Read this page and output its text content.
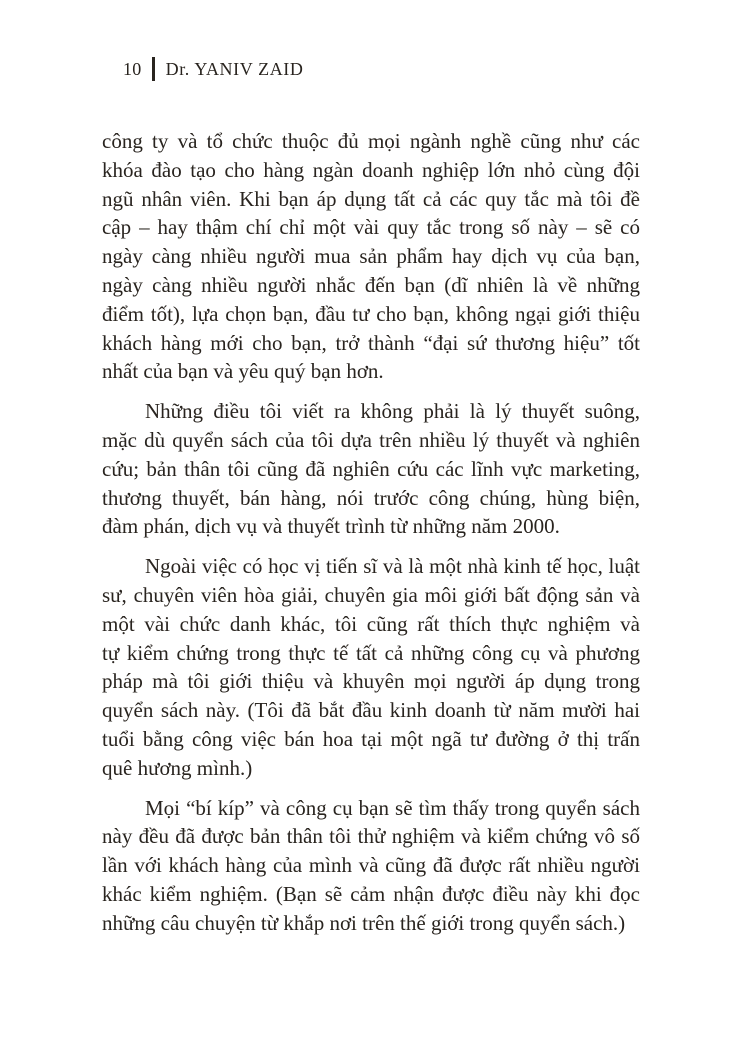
10 Dr. YANIV ZAID

công ty và tổ chức thuộc đủ mọi ngành nghề cũng như các
khóa đào tạo cho hàng ngàn doanh nghiệp lớn nhỏ cùng đội
ngũ nhân viên. Khi bạn áp dụng tất cả các quy tắc mà tôi đề
cập – hay thậm chí chỉ một vài quy tắc trong số này – sẽ có
ngày càng nhiều người mua sản phẩm hay dịch vụ của bạn,
ngày càng nhiều người nhắc đến bạn (dĩ nhiên là về những
điểm tốt), lựa chọn bạn, đầu tư cho bạn, không ngại giới thiệu
khách hàng mới cho bạn, trở thành “đại sứ thương hiệu” tốt
nhất của bạn và yêu quý bạn hơn.

Những điều tôi viết ra không phải là lý thuyết suông,
mặc dù quyển sách của tôi dựa trên nhiều lý thuyết và nghiên
cứu; bản thân tôi cũng đã nghiên cứu các lĩnh vực marketing,
thương thuyết, bán hàng, nói trước công chúng, hùng biện,
đàm phán, dịch vụ và thuyết trình từ những năm 2000.

Ngoài việc có học vị tiến sĩ và là một nhà kinh tế học, luật
sư, chuyên viên hòa giải, chuyên gia môi giới bất động sản và
một vài chức danh khác, tôi cũng rất thích thực nghiệm và
tự kiểm chứng trong thực tế tất cả những công cụ và phương
pháp mà tôi giới thiệu và khuyên mọi người áp dụng trong
quyển sách này. (Tôi đã bắt đầu kinh doanh từ năm mười hai
tuổi bằng công việc bán hoa tại một ngã tư đường ở thị trấn
quê hương mình.)

Mọi “bí kíp” và công cụ bạn sẽ tìm thấy trong quyển sách
này đều đã được bản thân tôi thử nghiệm và kiểm chứng vô số
lần với khách hàng của mình và cũng đã được rất nhiều người
khác kiểm nghiệm. (Bạn sẽ cảm nhận được điều này khi đọc
những câu chuyện từ khắp nơi trên thế giới trong quyển sách.)
